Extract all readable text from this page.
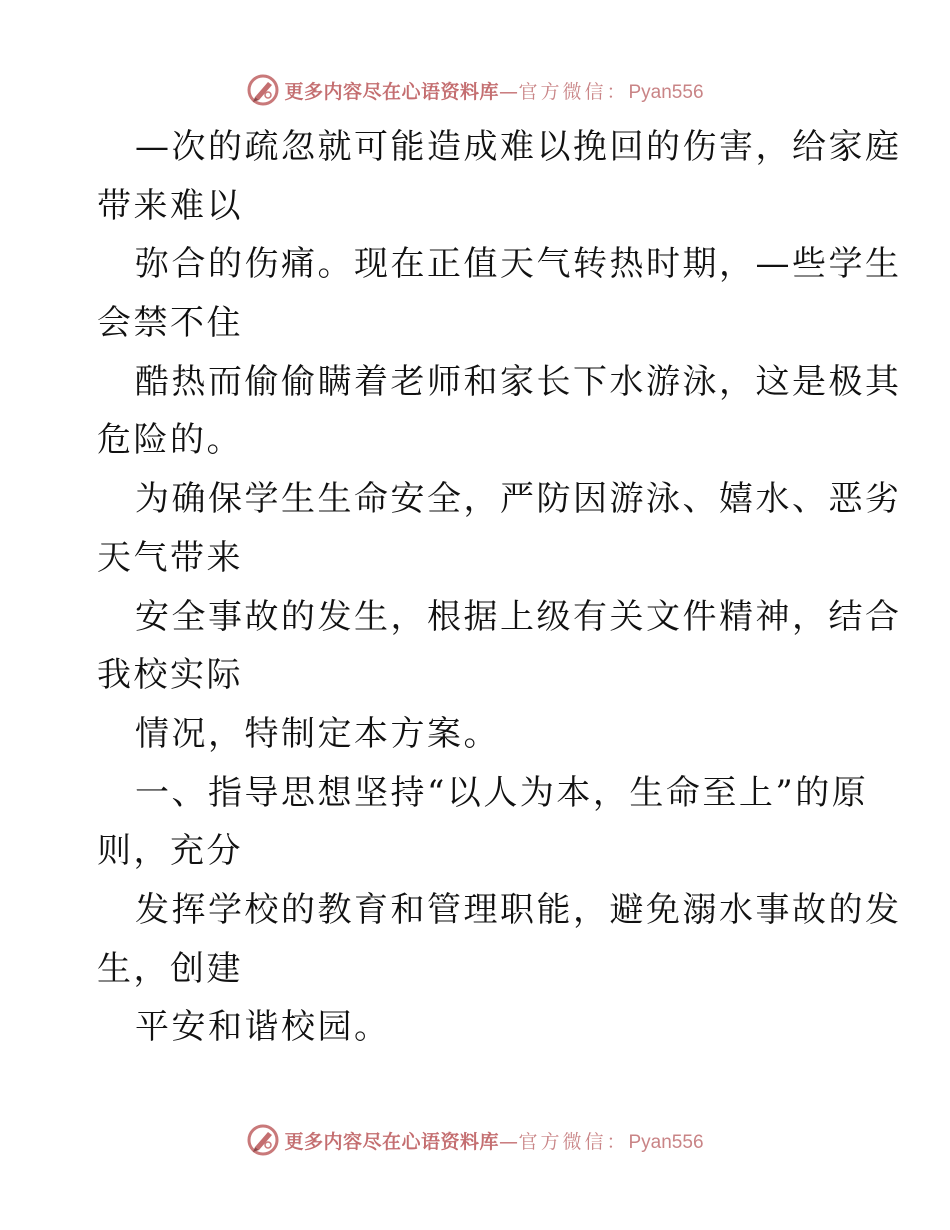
更多内容尽在心语资料库—官方微信：Pyan556
—次的疏忽就可能造成难以挽回的伤害，给家庭
带来难以
弥合的伤痛。现在正值天气转热时期，—些学生
会禁不住
酷热而偷偷瞒着老师和家长下水游泳，这是极其
危险的。
为确保学生生命安全，严防因游泳、嬉水、恶劣
天气带来
安全事故的发生，根据上级有关文件精神，结合
我校实际
情况，特制定本方案。
一、指导思想坚持“以人为本，生命至上”的原
则，充分
发挥学校的教育和管理职能，避免溺水事故的发
生，创建
平安和谐校园。
更多内容尽在心语资料库—官方微信：Pyan556
